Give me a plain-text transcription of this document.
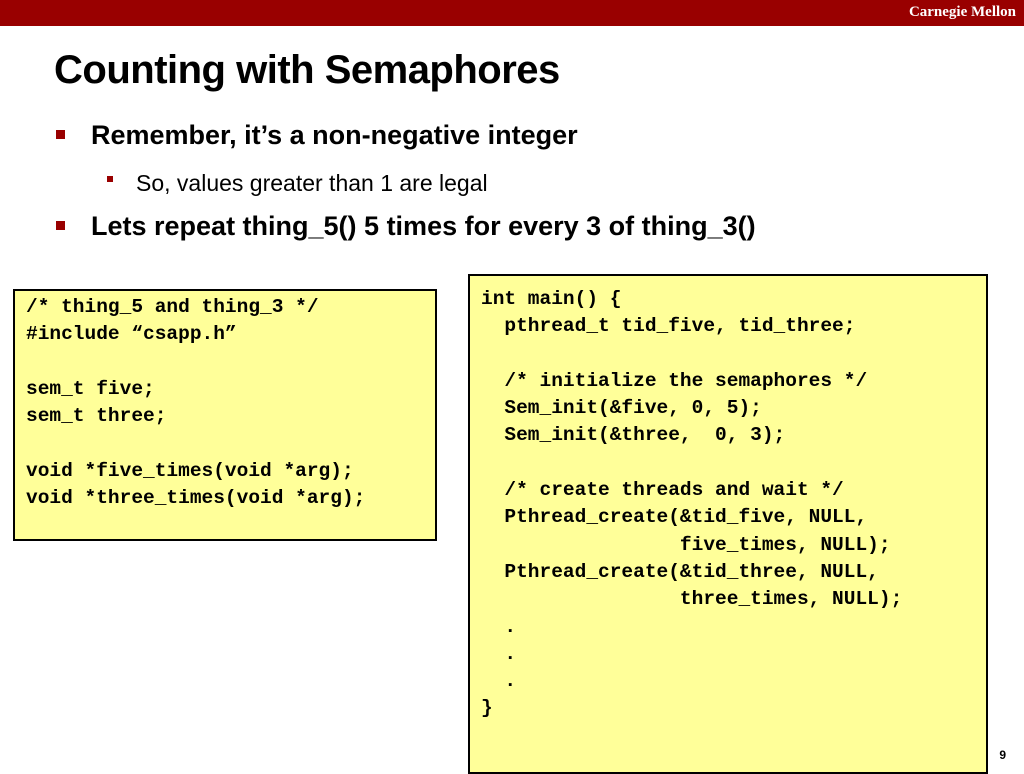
Carnegie Mellon
Counting with Semaphores
Remember, it’s a non-negative integer
So, values greater than 1 are legal
Lets repeat thing_5() 5 times for every 3 of thing_3()
/* thing_5 and thing_3 */
#include “csapp.h”

sem_t five;
sem_t three;

void *five_times(void *arg);
void *three_times(void *arg);
int main() {
pthread_t tid_five, tid_three;

/* initialize the semaphores */
Sem_init(&five, 0, 5);
Sem_init(&three,  0, 3);

/* create threads and wait */
Pthread_create(&tid_five, NULL,
five_times, NULL);
Pthread_create(&tid_three, NULL,
three_times, NULL);
.
.
.
}
9
